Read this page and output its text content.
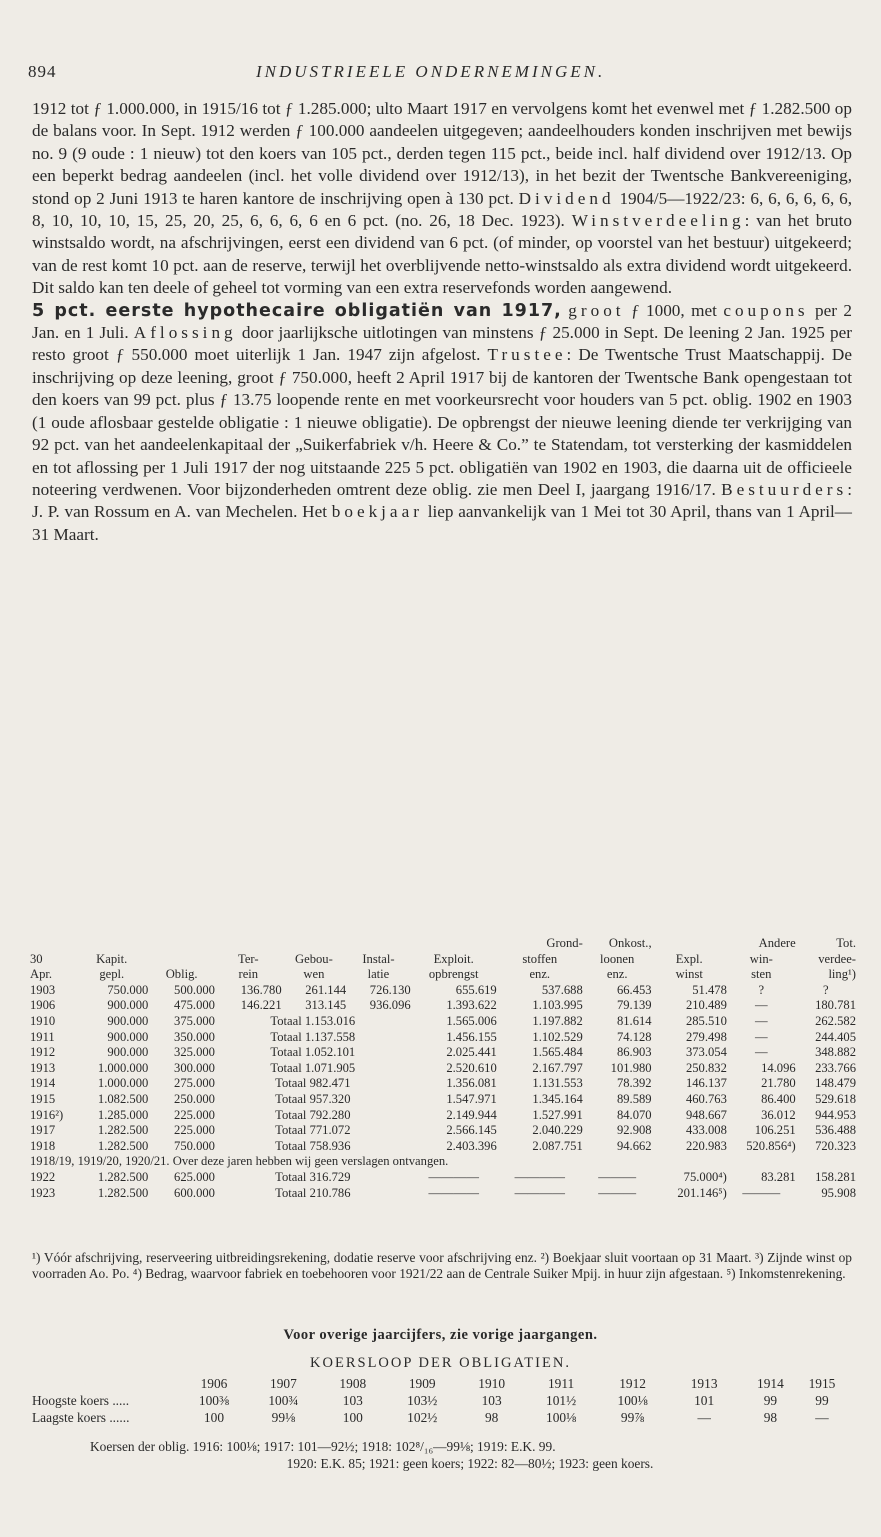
894	INDUSTRIEELE ONDERNEMINGEN.

1912 tot ƒ 1.000.000, in 1915/16 tot ƒ 1.285.000; ulto Maart 1917 en vervolgens komt het evenwel met ƒ 1.282.500 op de balans voor. In Sept. 1912 werden ƒ 100.000 aandeelen uitgegeven; aandeelhouders konden inschrijven met bewijs no. 9 (9 oude : 1 nieuw) tot den koers van 105 pct., derden tegen 115 pct., beide incl. half dividend over 1912/13. Op een beperkt bedrag aandeelen (incl. het volle dividend over 1912/13), in het bezit der Twentsche Bankvereeniging, stond op 2 Juni 1913 te haren kantore de inschrijving open à 130 pct. Dividend 1904/5—1922/23: 6, 6, 6, 6, 6, 6, 8, 10, 10, 10, 15, 25, 20, 25, 6, 6, 6, 6 en 6 pct. (no. 26, 18 Dec. 1923). Winstverdeeling: van het bruto winstsaldo wordt, na afschrijvingen, eerst een dividend van 6 pct. (of minder, op voorstel van het bestuur) uitgekeerd; van de rest komt 10 pct. aan de reserve, terwijl het overblijvende netto-winstsaldo als extra dividend wordt uitgekeerd. Dit saldo kan ten deele of geheel tot vorming van een extra reservefonds worden aangewend.

5 pct. eerste hypothecaire obligatiën van 1917, groot ƒ 1000, met coupons per 2 Jan. en 1 Juli. Aflossing door jaarlijksche uitlotingen van minstens ƒ 25.000 in Sept. De leening 2 Jan. 1925 per resto groot ƒ 550.000 moet uiterlijk 1 Jan. 1947 zijn afgelost. Trustee: De Twentsche Trust Maatschappij. De inschrijving op deze leening, groot ƒ 750.000, heeft 2 April 1917 bij de kantoren der Twentsche Bank opengestaan tot den koers van 99 pct. plus ƒ 13.75 loopende rente en met voorkeursrecht voor houders van 5 pct. oblig. 1902 en 1903 (1 oude aflosbaar gestelde obligatie : 1 nieuwe obligatie). De opbrengst der nieuwe leening diende ter verkrijging van 92 pct. van het aandeelenkapitaal der „Suikerfabriek v/h. Heere & Co.” te Statendam, tot versterking der kasmiddelen en tot aflossing per 1 Juli 1917 der nog uitstaande 225 5 pct. obligatiën van 1902 en 1903, die daarna uit de officieele noteering verdwenen. Voor bijzonderheden omtrent deze oblig. zie men Deel I, jaargang 1916/17. Bestuurders: J. P. van Rossum en A. van Mechelen. Het boekjaar liep aanvankelijk van 1 Mei tot 30 April, thans van 1 April—31 Maart.

							Grond-	Onkost.,		Andere	Tot.
30	Kapit.		Ter-	Gebou-	Instal-	Exploit.	stoffen	loonen	Expl.	win-	verdee-
Apr.	gepl.	Oblig.	rein	wen	latie	opbrengst	enz.	enz.	winst	sten	ling¹)
1903	750.000	500.000	136.780	261.144	726.130	655.619	537.688	66.453	51.478	?	?
1906	900.000	475.000	146.221	313.145	936.096	1.393.622	1.103.995	79.139	210.489	—	180.781
1910	900.000	375.000	Totaal 1.153.016			1.565.006	1.197.882	81.614	285.510	—	262.582
1911	900.000	350.000	Totaal 1.137.558			1.456.155	1.102.529	74.128	279.498	—	244.405
1912	900.000	325.000	Totaal 1.052.101			2.025.441	1.565.484	86.903	373.054	—	348.882
1913	1.000.000	300.000	Totaal 1.071.905			2.520.610	2.167.797	101.980	250.832	14.096	233.766
1914	1.000.000	275.000	Totaal 982.471			1.356.081	1.131.553	78.392	146.137	21.780	148.479
1915	1.082.500	250.000	Totaal 957.320			1.547.971	1.345.164	89.589	460.763	86.400	529.618
1916²)	1.285.000	225.000	Totaal 792.280			2.149.944	1.527.991	84.070	948.667	36.012	944.953
1917	1.282.500	225.000	Totaal 771.072			2.566.145	2.040.229	92.908	433.008	106.251	536.488
1918	1.282.500	750.000	Totaal 758.936			2.403.396	2.087.751	94.662	220.983	520.856⁴)	720.323
1918/19, 1919/20, 1920/21. Over deze jaren hebben wij geen verslagen ontvangen.											
1922	1.282.500	625.000	Totaal 316.729			————	————	———	75.000⁴)	83.281	158.281
1923	1.282.500	600.000	Totaal 210.786			————	————	———	201.146⁵)	———	95.908

¹) Vóór afschrijving, reserveering uitbreidingsrekening, dodatie reserve voor afschrijving enz. ²) Boekjaar sluit voortaan op 31 Maart. ³) Zijnde winst op voorraden Ao. Po. ⁴) Bedrag, waarvoor fabriek en toebehooren voor 1921/22 aan de Centrale Suiker Mpij. in huur zijn afgestaan. ⁵) Inkomstenrekening.

Voor overige jaarcijfers, zie vorige jaargangen.
KOERSLOOP DER OBLIGATIEN.
	1906	1907	1908	1909	1910	1911	1912	1913	1914	1915
Hoogste koers .....	100⅜	100¾	103	103½	103	101½	100⅛	101	99	99
Laagste koers ......	100	99⅛	100	102½	98	100⅛	99⅞	—	98	—

Koersen der oblig. 1916: 100⅛; 1917: 101—92½; 1918: 102⁸/₁₆—99⅛; 1919: E.K. 99.

1920: E.K. 85; 1921: geen koers; 1922: 82—80½; 1923: geen koers.
